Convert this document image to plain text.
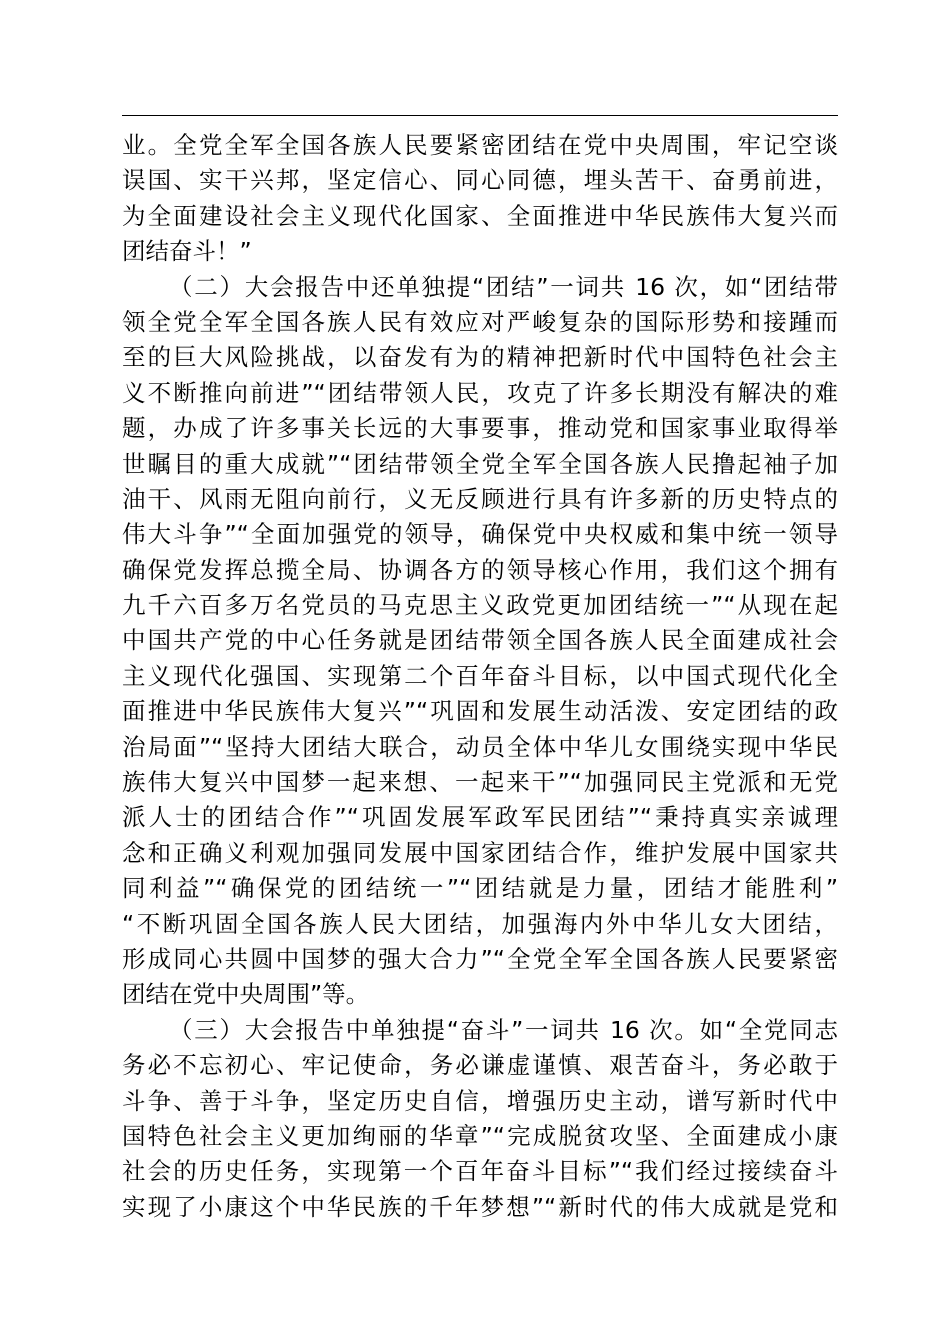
业。全党全军全国各族人民要紧密团结在党中央周围，牢记空谈
误国、实干兴邦，坚定信心、同心同德，埋头苦干、奋勇前进，
为全面建设社会主义现代化国家、全面推进中华民族伟大复兴而
团结奋斗！”
（二）大会报告中还单独提“团结”一词共 16 次，如“团结带
领全党全军全国各族人民有效应对严峻复杂的国际形势和接踵而
至的巨大风险挑战，以奋发有为的精神把新时代中国特色社会主
义不断推向前进”“团结带领人民，攻克了许多长期没有解决的难
题，办成了许多事关长远的大事要事，推动党和国家事业取得举
世瞩目的重大成就”“团结带领全党全军全国各族人民撸起袖子加
油干、风雨无阻向前行，义无反顾进行具有许多新的历史特点的
伟大斗争”“全面加强党的领导，确保党中央权威和集中统一领导
确保党发挥总揽全局、协调各方的领导核心作用，我们这个拥有
九千六百多万名党员的马克思主义政党更加团结统一”“从现在起
中国共产党的中心任务就是团结带领全国各族人民全面建成社会
主义现代化强国、实现第二个百年奋斗目标，以中国式现代化全
面推进中华民族伟大复兴”“巩固和发展生动活泼、安定团结的政
治局面”“坚持大团结大联合，动员全体中华儿女围绕实现中华民
族伟大复兴中国梦一起来想、一起来干”“加强同民主党派和无党
派人士的团结合作”“巩固发展军政军民团结”“秉持真实亲诚理
念和正确义利观加强同发展中国家团结合作，维护发展中国家共
同利益”“确保党的团结统一”“团结就是力量，团结才能胜利”
“不断巩固全国各族人民大团结，加强海内外中华儿女大团结，
形成同心共圆中国梦的强大合力”“全党全军全国各族人民要紧密
团结在党中央周围”等。
（三）大会报告中单独提“奋斗”一词共 16 次。如“全党同志
务必不忘初心、牢记使命，务必谦虚谨慎、艰苦奋斗，务必敢于
斗争、善于斗争，坚定历史自信，增强历史主动，谱写新时代中
国特色社会主义更加绚丽的华章”“完成脱贫攻坚、全面建成小康
社会的历史任务，实现第一个百年奋斗目标”“我们经过接续奋斗
实现了小康这个中华民族的千年梦想”“新时代的伟大成就是党和
